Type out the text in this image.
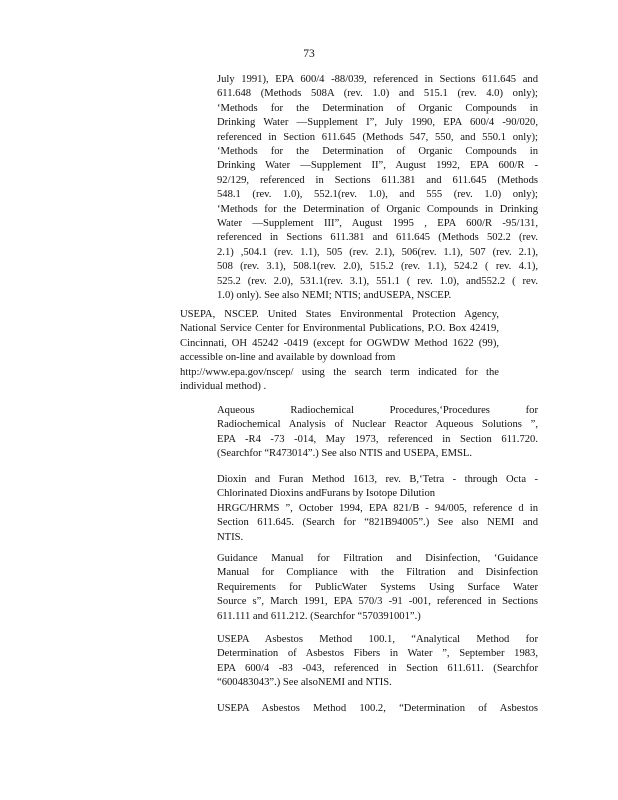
73
July 1991), EPA 600/4 -88/039, referenced in Sections 611.645 and
611.648 (Methods 508A (rev. 1.0) and 515.1 (rev. 4.0) only);
‘Methods for the Determination of Organic Compounds in
Drinking Water —Supplement I”, July 1990, EPA 600/4 -90/020,
referenced in Section 611.645 (Methods 547, 550, and 550.1 only);
‘Methods for the Determination of Organic Compounds in
Drinking Water —Supplement II”, August 1992, EPA 600/R -
92/129, referenced in Sections 611.381 and 611.645 (Methods
548.1 (rev. 1.0), 552.1(rev. 1.0), and 555 (rev. 1.0) only);
‘Methods for the Determination of Organic Compounds in Drinking
Water —Supplement III”, August 1995 , EPA 600/R -95/131,
referenced in Sections 611.381 and 611.645 (Methods 502.2 (rev.
2.1) ,504.1 (rev. 1.1), 505 (rev. 2.1), 506(rev. 1.1), 507 (rev. 2.1),
508 (rev. 3.1), 508.1(rev. 2.0), 515.2 (rev. 1.1), 524.2 ( rev. 4.1),
525.2 (rev. 2.0), 531.1(rev. 3.1), 551.1 ( rev. 1.0), and552.2 ( rev.
1.0) only). See also NEMI; NTIS; andUSEPA, NSCEP.
USEPA, NSCEP. United States Environmental Protection Agency,
National Service Center for Environmental Publications, P.O. Box 42419,
Cincinnati, OH 45242 -0419 (except for OGWDW Method 1622 (99),
accessible on-line and available by download from
http://www.epa.gov/nscep/ using the search term indicated for the
individual method) .
Aqueous Radiochemical Procedures,‘Procedures for
Radiochemical Analysis of Nuclear Reactor Aqueous Solutions ”,
EPA -R4 -73 -014, May 1973, referenced in Section 611.720.
(Searchfor “R473014”.) See also NTIS and USEPA, EMSL.
Dioxin and Furan Method 1613, rev. B,‘Tetra - through Octa -
Chlorinated Dioxins andFurans by Isotope Dilution
HRGC/HRMS ”, October 1994, EPA 821/B - 94/005, reference d in
Section 611.645. (Search for “821B94005”.) See also NEMI and
NTIS.
Guidance Manual for Filtration and Disinfection, ‘Guidance
Manual for Compliance with the Filtration and Disinfection
Requirements for PublicWater Systems Using Surface Water
Source s”, March 1991, EPA 570/3 -91 -001, referenced in Sections
611.111 and 611.212. (Searchfor “570391001”.)
USEPA Asbestos Method 100.1, “Analytical Method for
Determination of Asbestos Fibers in Water ”, September 1983,
EPA 600/4 -83 -043, referenced in Section 611.611. (Searchfor
“600483043”.) See alsoNEMI and NTIS.
USEPA Asbestos Method 100.2, “Determination of Asbestos
